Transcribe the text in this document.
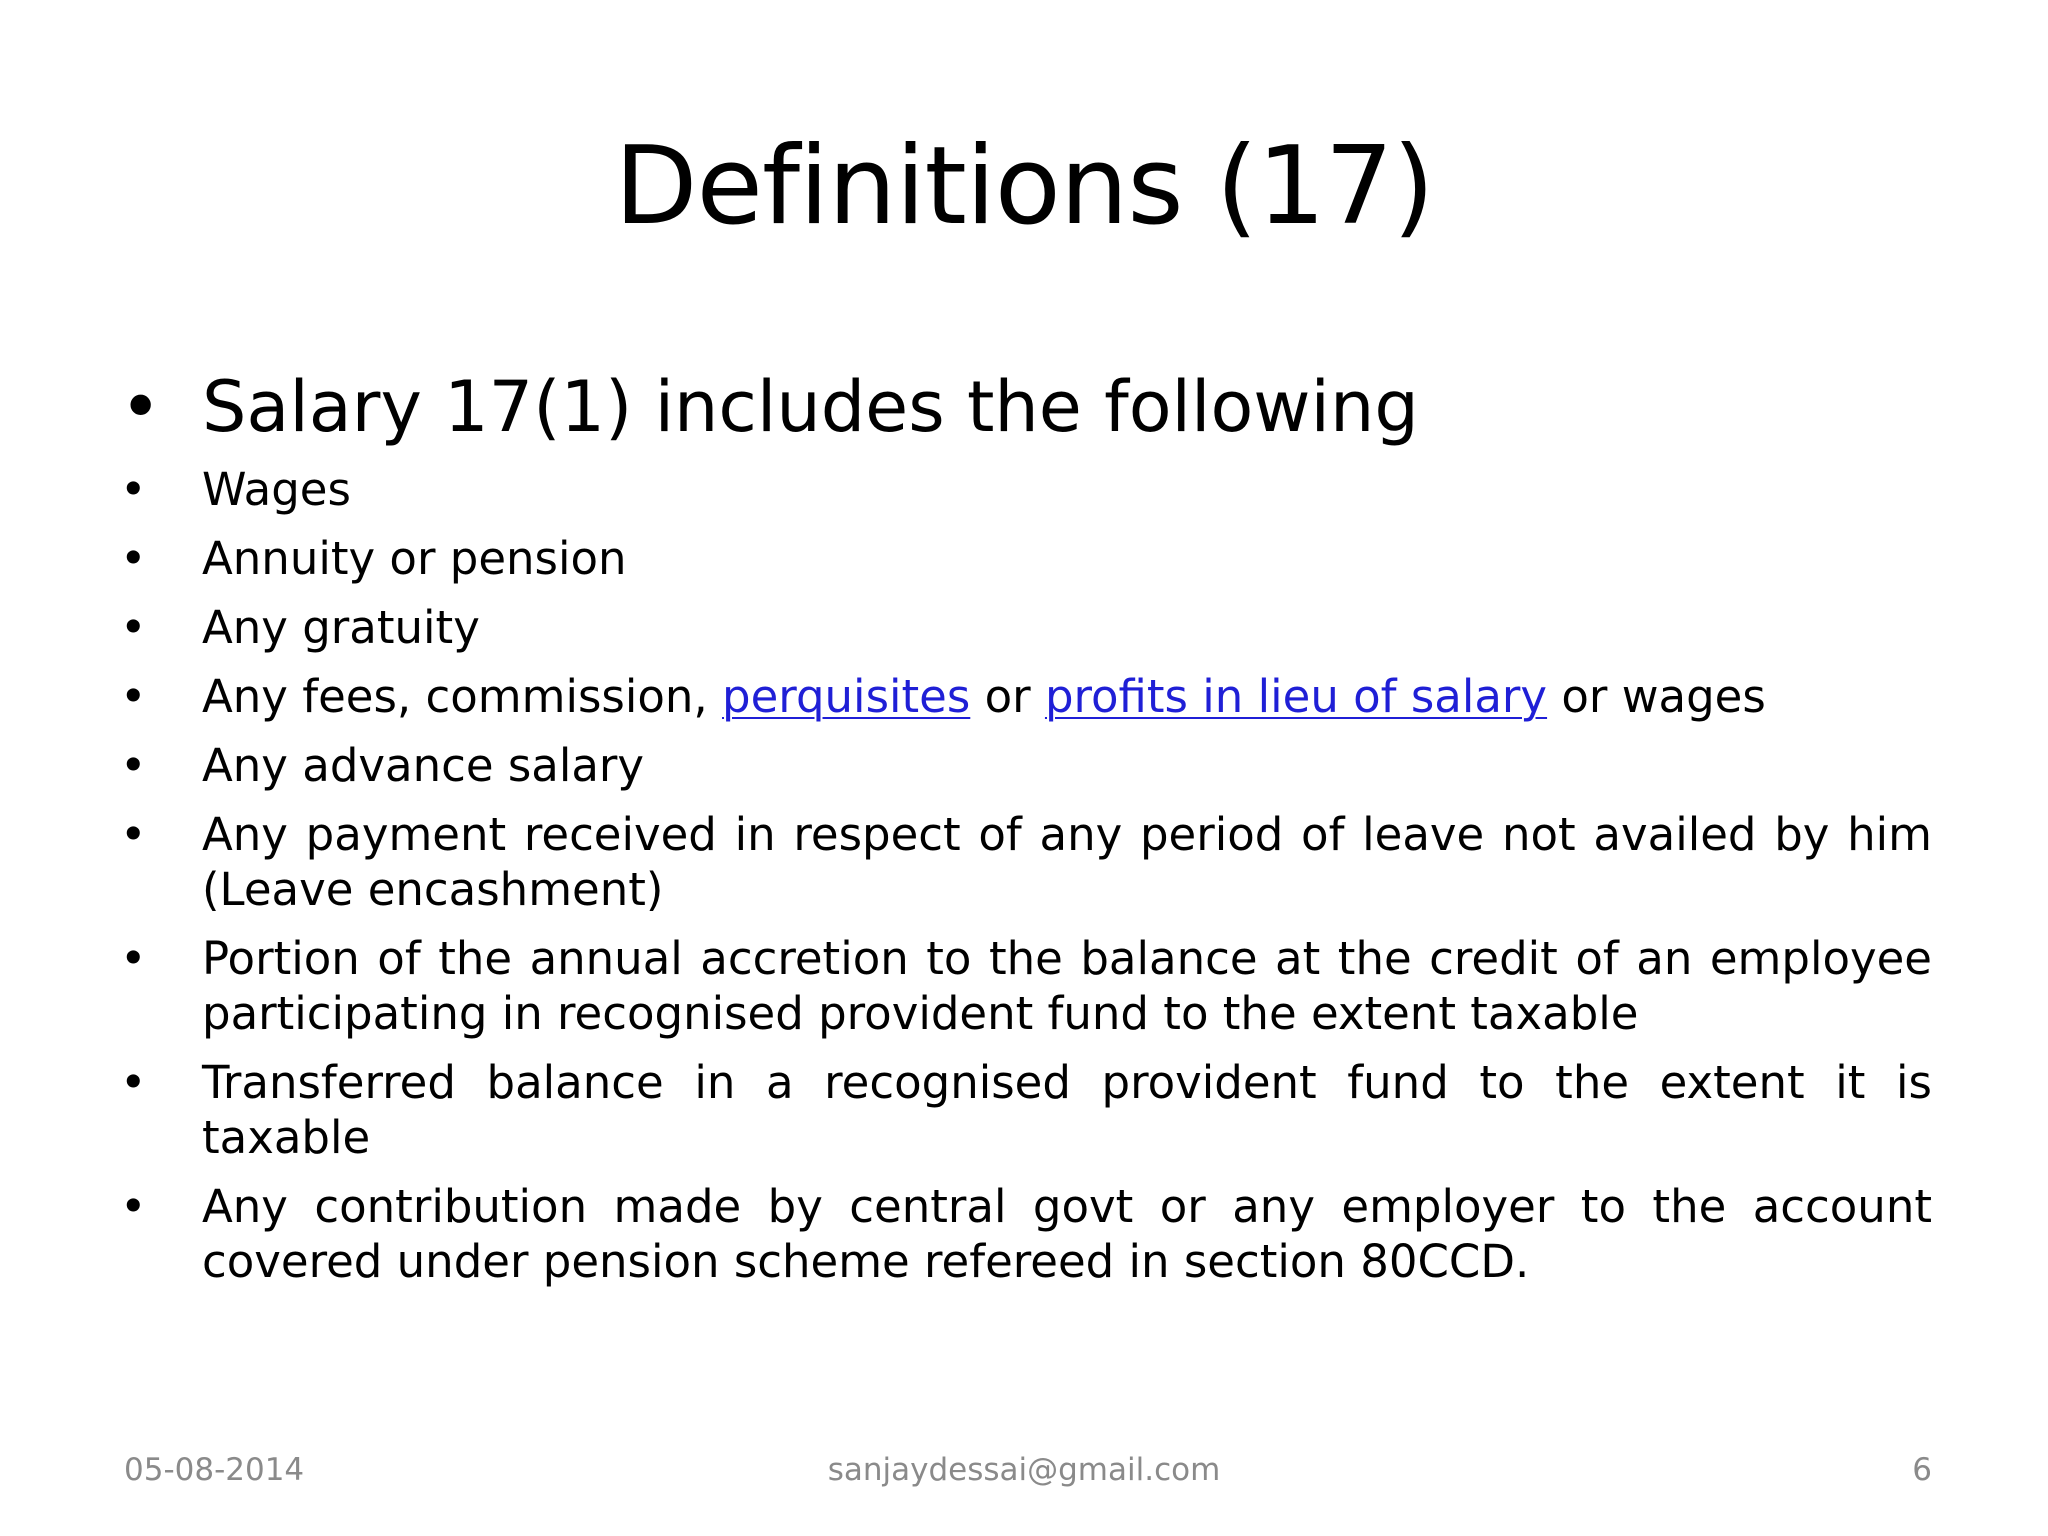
Definitions (17)
• Salary 17(1) includes the following
• Wages
• Annuity or pension
• Any gratuity
• Any fees, commission, perquisites or profits in lieu of salary or wages
• Any advance salary
• Any payment received in respect of any period of leave not availed by him (Leave encashment)
• Portion of the annual accretion to the balance at the credit of an employee participating in recognised provident fund to the extent taxable
• Transferred balance in a recognised provident fund to the extent it is taxable
• Any contribution made by central govt or any employer to the account covered under pension scheme refereed in section 80CCD.
sanjaydessai@gmail.com
05-08-2014	6
